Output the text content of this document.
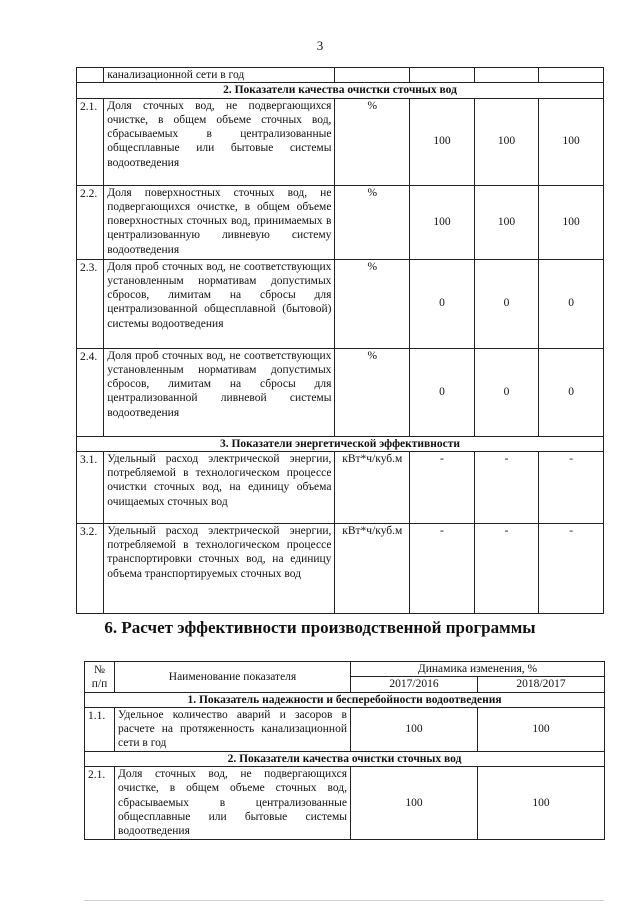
3
	канализационной сети в год				
2. Показатели качества очистки сточных вод					
2.1.	Доля сточных вод, не подвергающихся очистке, в общем объеме сточных вод, сбрасываемых в централизованные общесплавные или бытовые системы водоотведения	%	100	100	100
2.2.	Доля поверхностных сточных вод, не подвергающихся очистке, в общем объеме поверхностных сточных вод, принимаемых в централизованную ливневую систему водоотведения	%	100	100	100
2.3.	Доля проб сточных вод, не соответствующих установленным нормативам допустимых сбросов, лимитам на сбросы для централизованной общесплавной (бытовой) системы водоотведения	%	0	0	0
2.4.	Доля проб сточных вод, не соответствующих установленным нормативам допустимых сбросов, лимитам на сбросы для централизованной ливневой системы водоотведения	%	0	0	0
3. Показатели энергетической эффективности					
3.1.	Удельный расход электрической энергии, потребляемой в технологическом процессе очистки сточных вод, на единицу объема очищаемых сточных вод	кВт*ч/куб.м	-	-	-
3.2.	Удельный расход электрической энергии, потребляемой в технологическом процессе транспортировки сточных вод, на единицу объема транспортируемых сточных вод	кВт*ч/куб.м	-	-	-
6. Расчет эффективности производственной программы
№ п/п	Наименование показателя	Динамика изменения, %	
		2017/2016	2018/2017
1. Показатель надежности и бесперебойности водоотведения			
1.1.	Удельное количество аварий и засоров в расчете на протяженность канализационной сети в год	100	100
2. Показатели качества очистки сточных вод			
2.1.	Доля сточных вод, не подвергающихся очистке, в общем объеме сточных вод, сбрасываемых в централизованные общесплавные или бытовые системы водоотведения	100	100
